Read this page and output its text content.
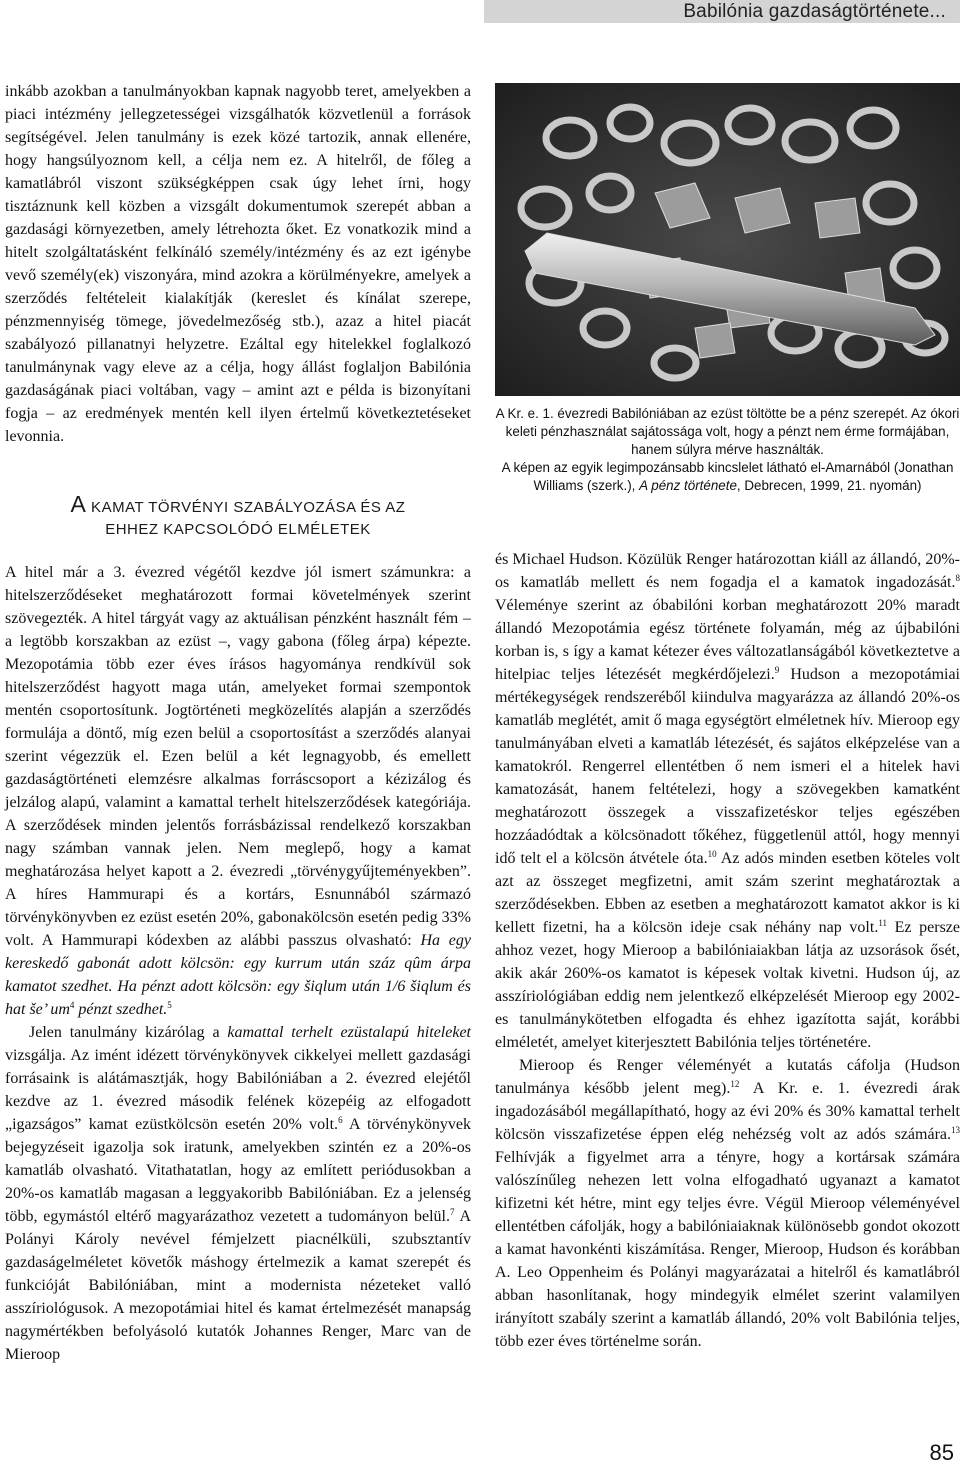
Babilónia gazdaságtörténete...

inkább azokban a tanulmányokban kapnak nagyobb teret, amelyekben a piaci intézmény jellegzetességei vizsgálhatók közvetlenül a források segítségével. Jelen tanulmány is ezek közé tartozik, annak ellenére, hogy hangsúlyoznom kell, a célja nem ez. A hitelről, de főleg a kamatlábról viszont szükségképpen csak úgy lehet írni, hogy tisztáznunk kell közben a vizsgált dokumentumok szerepét abban a gazdasági környezetben, amely létrehozta őket. Ez vonatkozik mind a hitelt szolgáltatásként felkínáló személy/intézmény és az ezt igénybe vevő személy(ek) viszonyára, mind azokra a körülményekre, amelyek a szerződés feltételeit kialakítják (kereslet és kínálat szerepe, pénzmennyiség tömege, jövedelmezőség stb.), azaz a hitel piacát szabályozó pillanatnyi helyzetre. Ezáltal egy hitelekkel foglalkozó tanulmánynak vagy eleve az a célja, hogy állást foglaljon Babilónia gazdaságának piaci voltában, vagy – amint azt e példa is bizonyítani fogja – az eredmények mentén kell ilyen értelmű következtetéseket levonnia.

A KAMAT TÖRVÉNYI SZABÁLYOZÁSA ÉS AZ
EHHEZ KAPCSOLÓDÓ ELMÉLETEK

A hitel már a 3. évezred végétől kezdve jól ismert számunkra: a hitelszerződéseket meghatározott formai követelmények szerint szövegezték. A hitel tárgyát vagy az aktuálisan pénzként használt fém – a legtöbb korszakban az ezüst –, vagy gabona (főleg árpa) képezte. Mezopotámia több ezer éves írásos hagyománya rendkívül sok hitelszerződést hagyott maga után, amelyeket formai szempontok mentén csoportosítunk. Jogtörténeti megközelítés alapján a szerződés formulája a döntő, míg ezen belül a csoportosítást a szerződés alanyai szerint végezzük el. Ezen belül a két legnagyobb, és emellett gazdaságtörténeti elemzésre alkalmas forráscsoport a kézizálog és jelzálog alapú, valamint a kamattal terhelt hitelszerződések kategóriája. A szerződések minden jelentős forrásbázissal rendelkező korszakban nagy számban vannak jelen. Nem meglepő, hogy a kamat meghatározása helyet kapott a 2. évezredi „törvénygyűjteményekben”. A híres Hammurapi és a kortárs, Esnunnából származó törvénykönyvben ez ezüst esetén 20%, gabonakölcsön esetén pedig 33% volt. A Hammurapi kódexben az alábbi passzus olvasható: Ha egy kereskedő gabonát adott kölcsön: egy kurrum után száz qûm árpa kamatot szedhet. Ha pénzt adott kölcsön: egy šiqlum után 1/6 šiqlum és hat še’ $um^4$ pénzt szedhet.$^5$

Jelen tanulmány kizárólag a kamattal terhelt ezüstalapú hiteleket vizsgálja. Az imént idézett törvénykönyvek cikkelyei mellett gazdasági forrásaink is alátámasztják, hogy Babilóniában a 2. évezred elejétől kezdve az 1. évezred második felének közepéig az elfogadott „igazságos” kamat ezüstkölcsön esetén 20% volt.$^6$ A törvénykönyvek bejegyzéseit igazolja sok iratunk, amelyekben szintén ez a 20%-os kamatláb olvasható. Vitathatatlan, hogy az említett periódusokban a 20%-os kamatláb magasan a leggyakoribb Babilóniában. Ez a jelenség több, egymástól eltérő magyarázathoz vezetett a tudományon belül.$^7$ A Polányi Károly nevével fémjelzett piacnélküli, szubsztantív gazdaságelméletet követők máshogy értelmezik a kamat szerepét és funkcióját Babilóniában, mint a modernista nézeteket valló asszíriológusok. A mezopotámiai hitel és kamat értelmezését manapság nagymértékben befolyásoló kutatók Johannes Renger, Marc van de Mieroop

A Kr. e. 1. évezredi Babilóniában az ezüst töltötte be a pénz szerepét. Az ókori keleti pénzhasználat sajátossága volt, hogy a pénzt nem érme formájában, hanem súlyra mérve használták.

A képen az egyik legimpozánsabb kincslelet látható el-Amarnából (Jonathan Williams (szerk.), A pénz története, Debrecen, 1999, 21. nyomán)

és Michael Hudson. Közülük Renger határozottan kiáll az állandó, 20%-os kamatláb mellett és nem fogadja el a kamatok ingadozását.$^8$ Véleménye szerint az óbabilóni korban meghatározott 20% maradt állandó Mezopotámia egész története folyamán, még az újbabilóni korban is, s így a kamat kétezer éves változatlanságából következtetve a hitelpiac teljes létezését megkérdőjelezi.$^9$ Hudson a mezopotámiai mértékegységek rendszeréből kiindulva magyarázza az állandó 20%-os kamatláb meglétét, amit ő maga egységtört elméletnek hív. Mieroop egy tanulmányában elveti a kamatláb létezését, és sajátos elképzelése van a kamatokról. Rengerrel ellentétben ő nem ismeri el a hitelek havi kamatozását, hanem feltételezi, hogy a szövegekben kamatként meghatározott összegek a visszafizetéskor teljes egészében hozzáadódtak a kölcsönadott tőkéhez, függetlenül attól, hogy mennyi idő telt el a kölcsön átvétele óta.$^{10}$ Az adós minden esetben köteles volt azt az összeget megfizetni, amit szám szerint meghatároztak a szerződésekben. Ebben az esetben a meghatározott kamatot akkor is ki kellett fizetni, ha a kölcsön ideje csak néhány nap volt.$^{11}$ Ez persze ahhoz vezet, hogy Mieroop a babilóniaiakban látja az uzsorások ősét, akik akár 260%-os kamatot is képesek voltak kivetni. Hudson új, az asszíriológiában eddig nem jelentkező elképzelését Mieroop egy 2002-es tanulmánykötetben elfogadta és ehhez igazította saját, korábbi elméletét, amelyet kiterjesztett Babilónia teljes történetére.

Mieroop és Renger véleményét a kutatás cáfolja (Hudson tanulmánya később jelent meg).$^{12}$ A Kr. e. 1. évezredi árak ingadozásából megállapítható, hogy az évi 20% és 30% kamattal terhelt kölcsön visszafizetése éppen elég nehézség volt az adós számára.$^{13}$ Felhívják a figyelmet arra a tényre, hogy a kortársak számára valószínűleg nehezen lett volna elfogadható ugyanazt a kamatot kifizetni két hétre, mint egy teljes évre. Végül Mieroop véleményével ellentétben cáfolják, hogy a babilóniaiaknak különösebb gondot okozott a kamat havonkénti kiszámítása. Renger, Mieroop, Hudson és korábban A. Leo Oppenheim és Polányi magyarázatai a hitelről és kamatlábról abban hasonlítanak, hogy mindegyik elmélet szerint valamilyen irányított szabály szerint a kamatláb állandó, 20% volt Babilónia teljes, több ezer éves történelme során.

85
